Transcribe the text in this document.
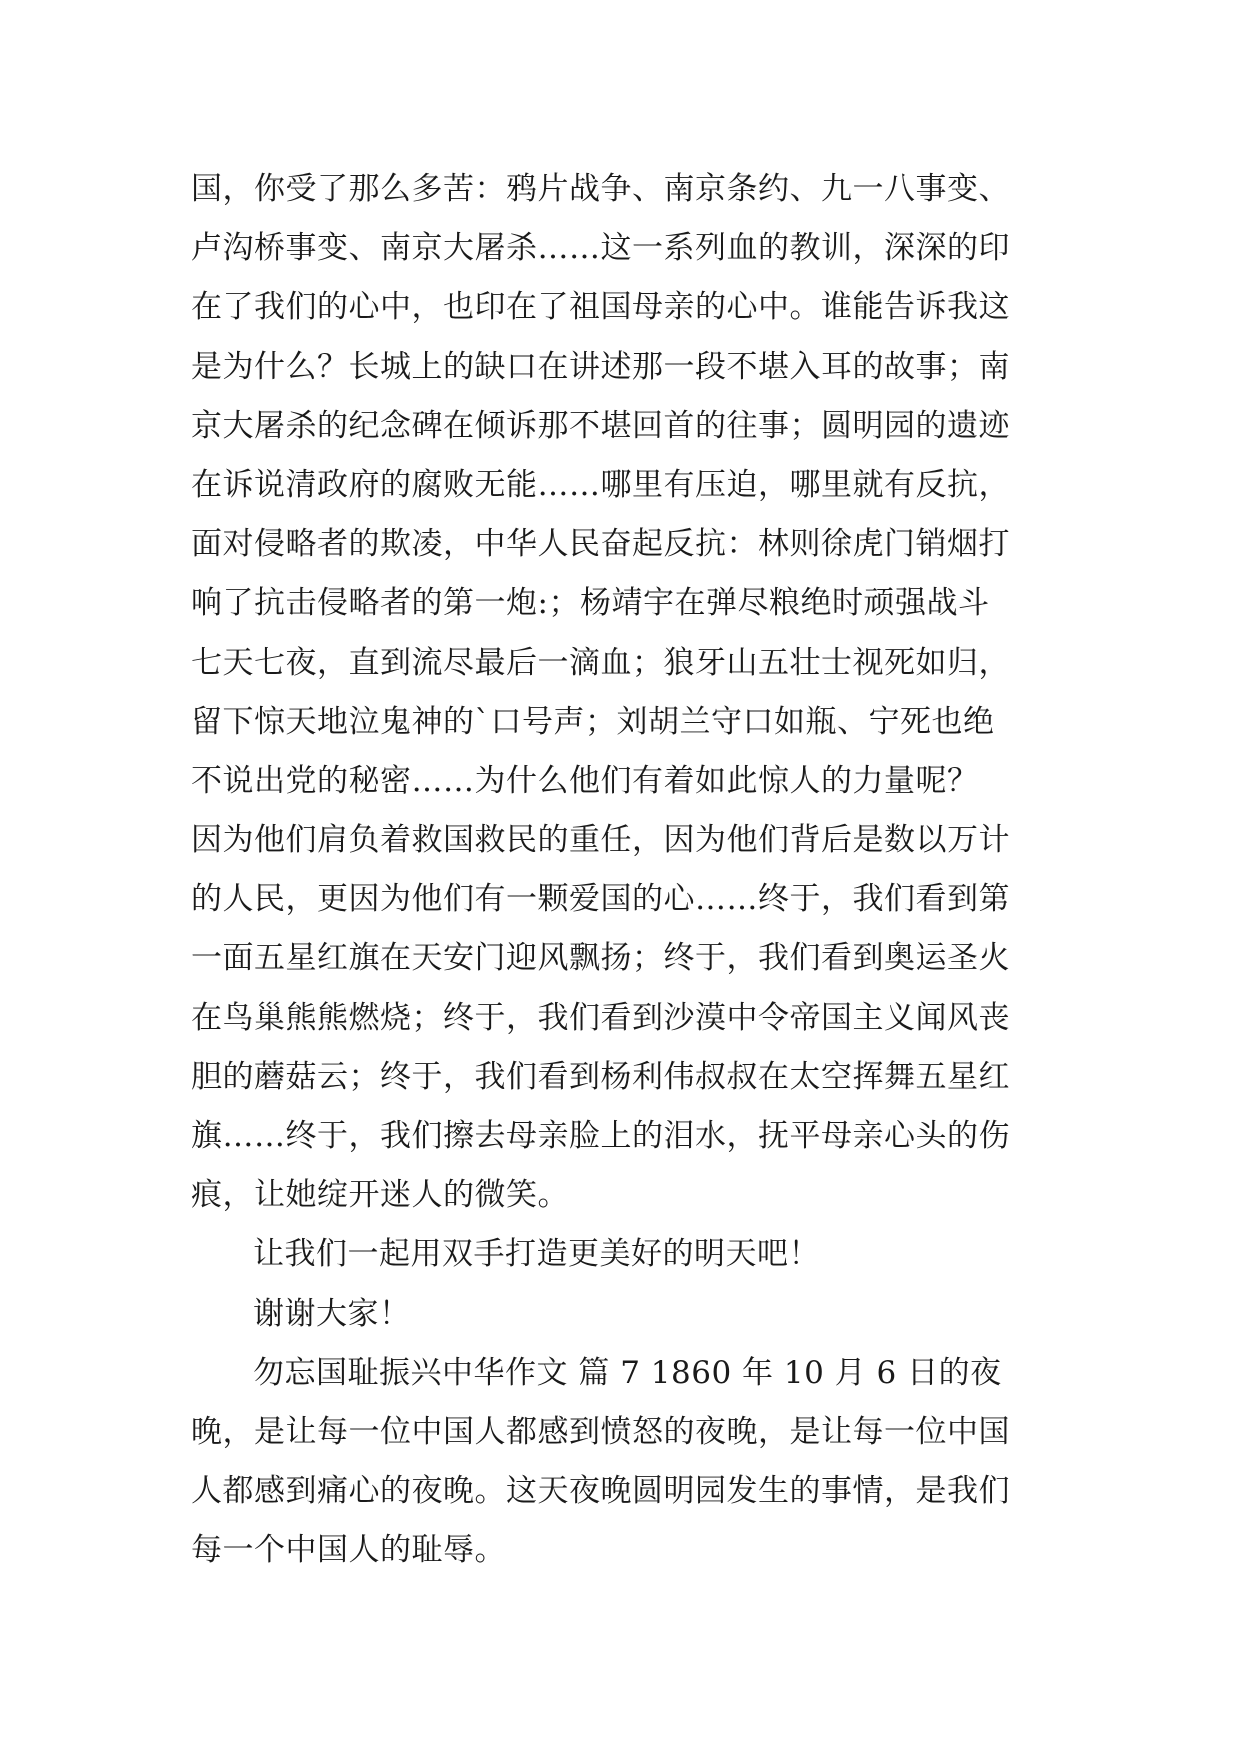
国，你受了那么多苦：鸦片战争、南京条约、九一八事变、
卢沟桥事变、南京大屠杀……这一系列血的教训，深深的印
在了我们的心中，也印在了祖国母亲的心中。谁能告诉我这
是为什么？长城上的缺口在讲述那一段不堪入耳的故事；南
京大屠杀的纪念碑在倾诉那不堪回首的往事；圆明园的遗迹
在诉说清政府的腐败无能……哪里有压迫，哪里就有反抗，
面对侵略者的欺凌，中华人民奋起反抗：林则徐虎门销烟打
响了抗击侵略者的第一炮:；杨靖宇在弹尽粮绝时顽强战斗
七天七夜，直到流尽最后一滴血；狼牙山五壮士视死如归，
留下惊天地泣鬼神的`口号声；刘胡兰守口如瓶、宁死也绝
不说出党的秘密……为什么他们有着如此惊人的力量呢？
因为他们肩负着救国救民的重任，因为他们背后是数以万计
的人民，更因为他们有一颗爱国的心……终于，我们看到第
一面五星红旗在天安门迎风飘扬；终于，我们看到奥运圣火
在鸟巢熊熊燃烧；终于，我们看到沙漠中令帝国主义闻风丧
胆的蘑菇云；终于，我们看到杨利伟叔叔在太空挥舞五星红
旗……终于，我们擦去母亲脸上的泪水，抚平母亲心头的伤
痕，让她绽开迷人的微笑。
让我们一起用双手打造更美好的明天吧！
谢谢大家！
勿忘国耻振兴中华作文 篇 7 1860 年 10 月 6 日的夜
晚，是让每一位中国人都感到愤怒的夜晚，是让每一位中国
人都感到痛心的夜晚。这天夜晚圆明园发生的事情，是我们
每一个中国人的耻辱。
